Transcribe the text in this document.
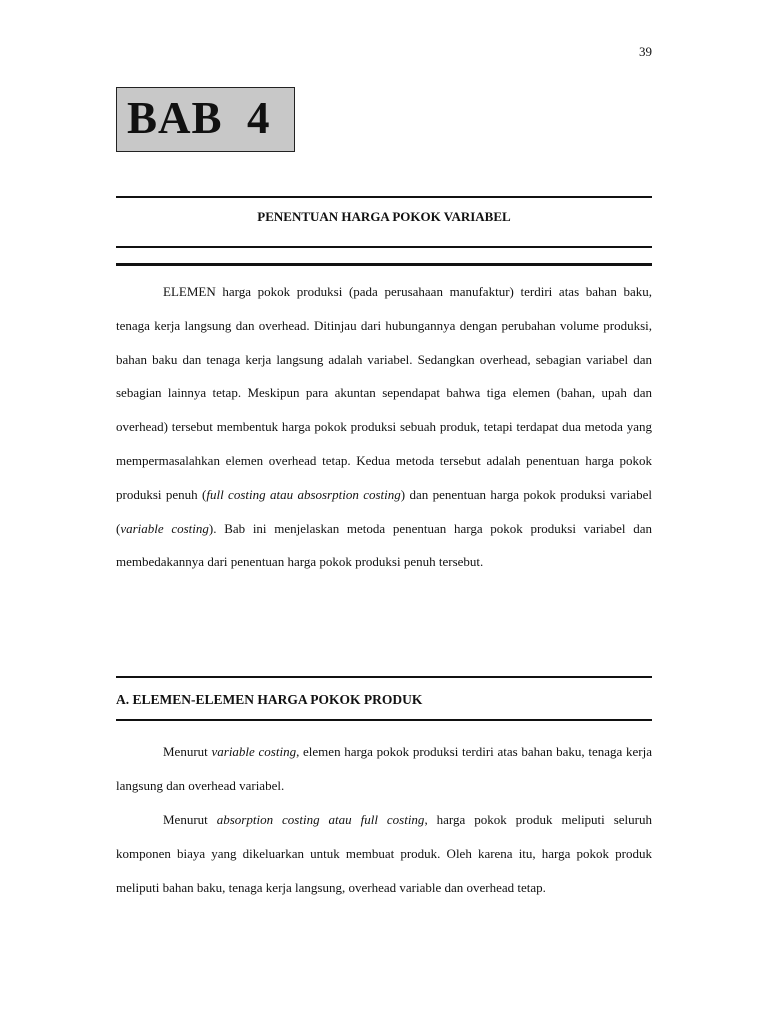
39
BAB  4
PENENTUAN HARGA POKOK VARIABEL

ELEMEN harga pokok produksi (pada perusahaan manufaktur) terdiri atas bahan baku, tenaga kerja langsung dan overhead. Ditinjau dari hubungannya dengan perubahan volume produksi, bahan baku dan tenaga kerja langsung adalah variabel. Sedangkan overhead, sebagian variabel dan sebagian lainnya tetap. Meskipun para akuntan sependapat bahwa tiga elemen (bahan, upah dan overhead) tersebut membentuk harga pokok produksi sebuah produk, tetapi terdapat dua metoda yang mempermasalahkan elemen overhead tetap. Kedua metoda tersebut adalah penentuan harga pokok produksi penuh (full costing atau absosrption costing) dan penentuan harga pokok produksi variabel (variable costing). Bab ini menjelaskan metoda penentuan harga pokok produksi variabel dan membedakannya dari penentuan harga pokok produksi penuh tersebut.

A. ELEMEN-ELEMEN HARGA POKOK PRODUK

Menurut variable costing, elemen harga pokok produksi terdiri atas bahan baku, tenaga kerja langsung dan overhead variabel.

Menurut absorption costing atau full costing, harga pokok produk meliputi seluruh komponen biaya yang dikeluarkan untuk membuat produk. Oleh karena itu, harga pokok produk meliputi bahan baku, tenaga kerja langsung, overhead variable dan overhead tetap.
